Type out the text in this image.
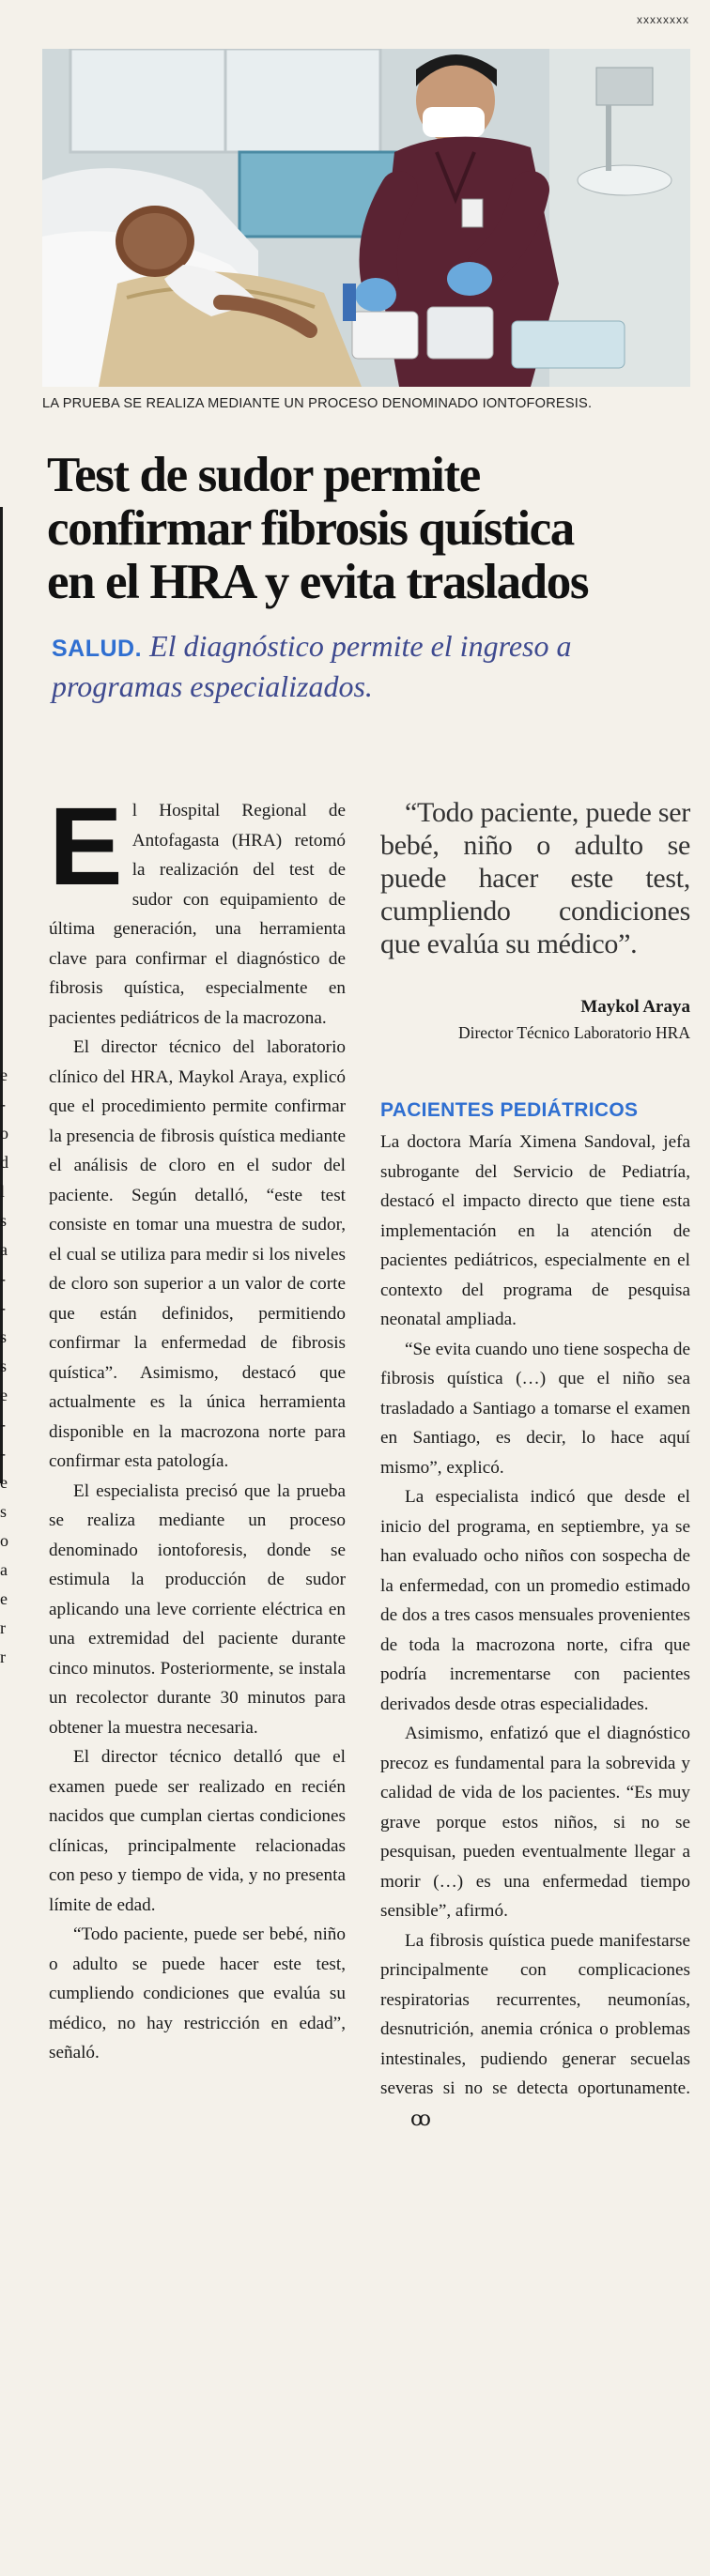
xxxxxxxx
e
-
o
d
l
s
a
-
-
s
s
e
-
-
e
s
o
a
e
r
r
LA PRUEBA SE REALIZA MEDIANTE UN PROCESO DENOMINADO IONTOFORESIS.
Test de sudor permite
confirmar fibrosis quística
en el HRA y evita traslados
SALUD. El diagnóstico permite el ingreso a programas especializados.

El Hospital Regional de Antofagasta (HRA) retomó la realización del test de sudor con equipamiento de última generación, una herramienta clave para confirmar el diagnóstico de fibrosis quística, especialmente en pacientes pediátricos de la macrozona.

El director técnico del laboratorio clínico del HRA, Maykol Araya, explicó que el procedimiento permite confirmar la presencia de fibrosis quística mediante el análisis de cloro en el sudor del paciente. Según detalló, “este test consiste en tomar una muestra de sudor, el cual se utiliza para medir si los niveles de cloro son superior a un valor de corte que están definidos, permitiendo confirmar la enfermedad de fibrosis quística”. Asimismo, destacó que actualmente es la única herramienta disponible en la macrozona norte para confirmar esta patología.

El especialista precisó que la prueba se realiza mediante un proceso denominado iontoforesis, donde se estimula la producción de sudor aplicando una leve corriente eléctrica en una extremidad del paciente durante cinco minutos. Posteriormente, se instala un recolector durante 30 minutos para obtener la muestra necesaria.

El director técnico detalló que el examen puede ser realizado en recién nacidos que cumplan ciertas condiciones clínicas, principalmente relacionadas con peso y tiempo de vida, y no presenta límite de edad.

“Todo paciente, puede ser bebé, niño o adulto se puede hacer este test, cumpliendo condiciones que evalúa su médico, no hay restricción en edad”, señaló.

“Todo paciente, puede ser bebé, niño o adulto se puede hacer este test, cumpliendo condiciones que evalúa su médico”.

Maykol Araya
Director Técnico Laboratorio HRA
PACIENTES PEDIÁTRICOS

La doctora María Ximena Sandoval, jefa subrogante del Servicio de Pediatría, destacó el impacto directo que tiene esta implementación en la atención de pacientes pediátricos, especialmente en el contexto del programa de pesquisa neonatal ampliada.

“Se evita cuando uno tiene sospecha de fibrosis quística (…) que el niño sea trasladado a Santiago a tomarse el examen en Santiago, es decir, lo hace aquí mismo”, explicó.

La especialista indicó que desde el inicio del programa, en septiembre, ya se han evaluado ocho niños con sospecha de la enfermedad, con un promedio estimado de dos a tres casos mensuales provenientes de toda la macrozona norte, cifra que podría incrementarse con pacientes derivados desde otras especialidades.

Asimismo, enfatizó que el diagnóstico precoz es fundamental para la sobrevida y calidad de vida de los pacientes. “Es muy grave porque estos niños, si no se pesquisan, pueden eventualmente llegar a morir (…) es una enfermedad tiempo sensible”, afirmó.

La fibrosis quística puede manifestarse principalmente con complicaciones respiratorias recurrentes, neumonías, desnutrición, anemia crónica o problemas intestinales, pudiendo generar secuelas severas si no se detecta oportunamente.ꝏ
